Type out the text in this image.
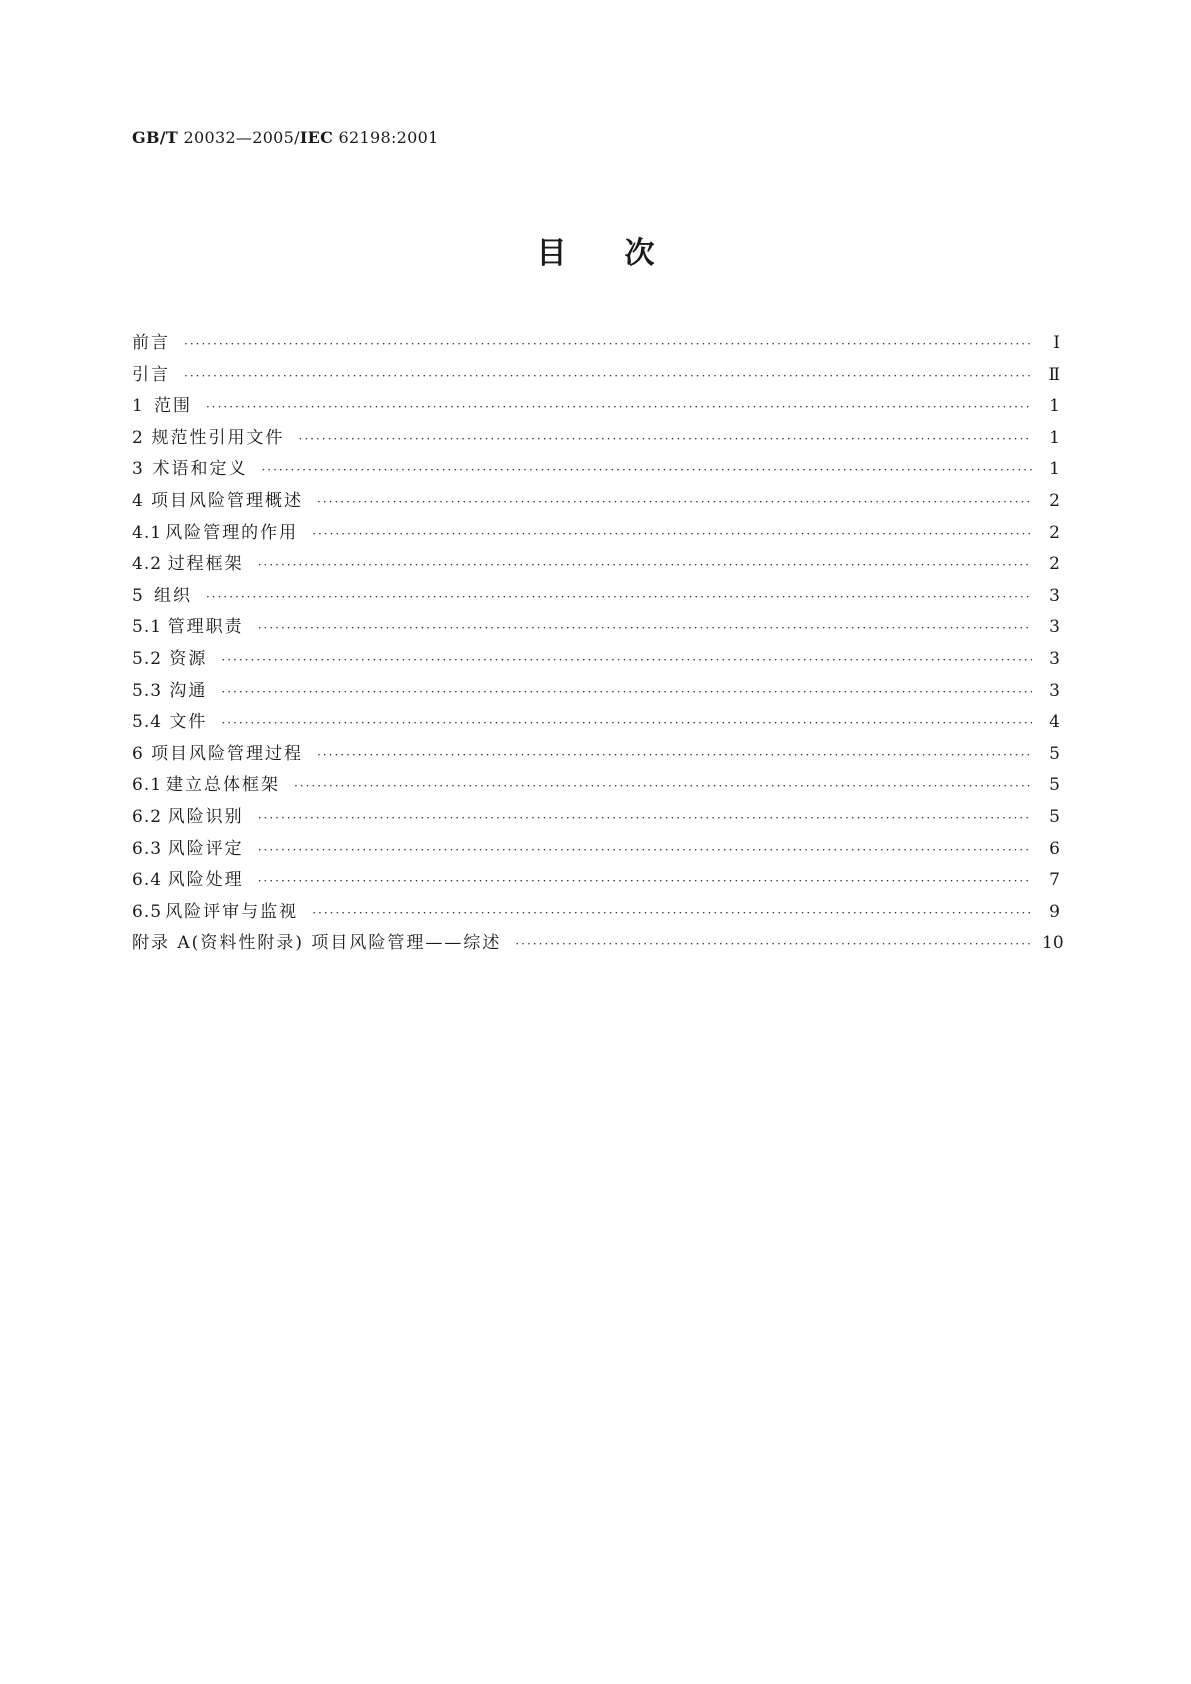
GB/T 20032—2005/IEC 62198:2001
目次
前言 ·····	Ⅰ
引言 ·····	Ⅱ
1 范围 ·····	1
2 规范性引用文件 ·····	1
3 术语和定义 ·····	1
4 项目风险管理概述 ·····	2
4.1 风险管理的作用 ·····	2
4.2 过程框架 ·····	2
5 组织 ·····	3
5.1 管理职责 ·····	3
5.2 资源 ·····	3
5.3 沟通 ·····	3
5.4 文件 ·····	4
6 项目风险管理过程 ·····	5
6.1 建立总体框架 ·····	5
6.2 风险识别 ·····	5
6.3 风险评定 ·····	6
6.4 风险处理 ·····	7
6.5 风险评审与监视 ·····	9
附录 A(资料性附录) 项目风险管理——综述 ·····	10
